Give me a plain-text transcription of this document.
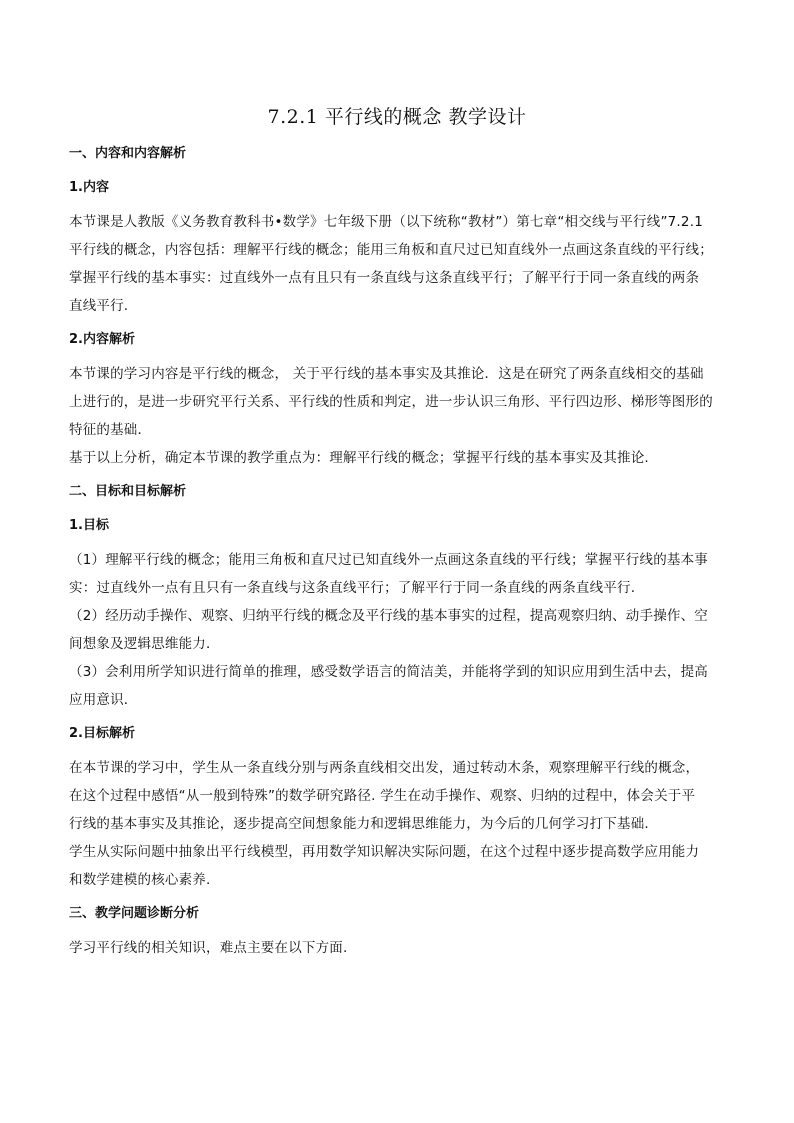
7.2.1 平行线的概念 教学设计
一、内容和内容解析
1.内容
本节课是人教版《义务教育教科书•数学》七年级下册（以下统称“教材”）第七章“相交线与平行线”7.2.1
平行线的概念，内容包括：理解平行线的概念；能用三角板和直尺过已知直线外一点画这条直线的平行线；
掌握平行线的基本事实：过直线外一点有且只有一条直线与这条直线平行；了解平行于同一条直线的两条
直线平行.
2.内容解析
本节课的学习内容是平行线的概念， 关于平行线的基本事实及其推论．这是在研究了两条直线相交的基础
上进行的，是进一步研究平行关系、平行线的性质和判定，进一步认识三角形、平行四边形、梯形等图形的
特征的基础．
基于以上分析，确定本节课的教学重点为：理解平行线的概念；掌握平行线的基本事实及其推论.
二、目标和目标解析
1.目标
（1）理解平行线的概念；能用三角板和直尺过已知直线外一点画这条直线的平行线；掌握平行线的基本事
实：过直线外一点有且只有一条直线与这条直线平行；了解平行于同一条直线的两条直线平行.
（2）经历动手操作、观察、归纳平行线的概念及平行线的基本事实的过程，提高观察归纳、动手操作、空
间想象及逻辑思维能力．
（3）会利用所学知识进行简单的推理，感受数学语言的简洁美，并能将学到的知识应用到生活中去，提高
应用意识．
2.目标解析
在本节课的学习中，学生从一条直线分别与两条直线相交出发，通过转动木条，观察理解平行线的概念，
在这个过程中感悟“从一般到特殊”的数学研究路径. 学生在动手操作、观察、归纳的过程中，体会关于平
行线的基本事实及其推论，逐步提高空间想象能力和逻辑思维能力，为今后的几何学习打下基础.
学生从实际问题中抽象出平行线模型，再用数学知识解决实际问题，在这个过程中逐步提高数学应用能力
和数学建模的核心素养.
三、教学问题诊断分析
学习平行线的相关知识，难点主要在以下方面.
